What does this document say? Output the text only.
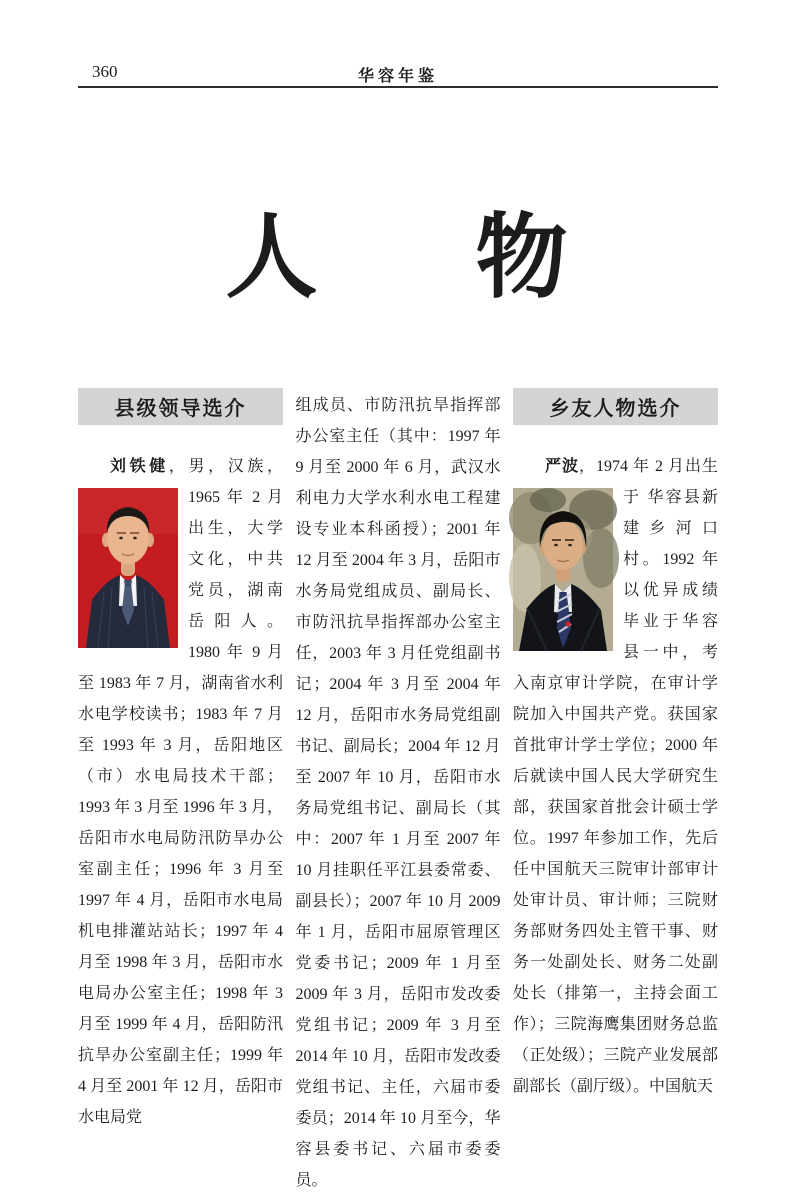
360	华容年鉴
人 物
县级领导选介

刘铁健，男，汉族，1965 年 2 月出生，大学文化，中共党员，湖南岳阳人。1980 年 9 月至 1983 年 7 月，湖南省水利水电学校读书；1983 年 7 月至 1993 年 3 月，岳阳地区（市）水电局技术干部；1993 年 3 月至 1996 年 3 月，岳阳市水电局防汛防旱办公室副主任；1996 年 3 月至 1997 年 4 月，岳阳市水电局机电排灌站站长；1997 年 4 月至 1998 年 3 月，岳阳市水电局办公室主任；1998 年 3 月至 1999 年 4 月，岳阳防汛抗旱办公室副主任；1999 年 4 月至 2001 年 12 月，岳阳市水电局党

组成员、市防汛抗旱指挥部办公室主任（其中：1997 年 9 月至 2000 年 6 月，武汉水利电力大学水利水电工程建设专业本科函授）；2001 年 12 月至 2004 年 3 月，岳阳市水务局党组成员、副局长、市防汛抗旱指挥部办公室主任，2003 年 3 月任党组副书记；2004 年 3 月至 2004 年 12 月，岳阳市水务局党组副书记、副局长；2004 年 12 月至 2007 年 10 月，岳阳市水务局党组书记、副局长（其中：2007 年 1 月至 2007 年 10 月挂职任平江县委常委、副县长）；2007 年 10 月 2009 年 1 月，岳阳市屈原管理区党委书记；2009 年 1 月至 2009 年 3 月，岳阳市发改委党组书记；2009 年 3 月至 2014 年 10 月，岳阳市发改委党组书记、主任，六届市委委员；2014 年 10 月至今，华容县委书记、六届市委委员。

乡友人物选介

严波，1974 年 2 月出生于 华容县新建乡河口村。1992 年以优异成绩毕业于华容县一中，考入南京审计学院，在审计学院加入中国共产党。获国家首批审计学士学位；2000 年后就读中国人民大学研究生部，获国家首批会计硕士学位。1997 年参加工作，先后任中国航天三院审计部审计处审计员、审计师；三院财务部财务四处主管干事、财务一处副处长、财务二处副处长（排第一，主持会面工作）；三院海鹰集团财务总监（正处级）；三院产业发展部副部长（副厅级）。中国航天
